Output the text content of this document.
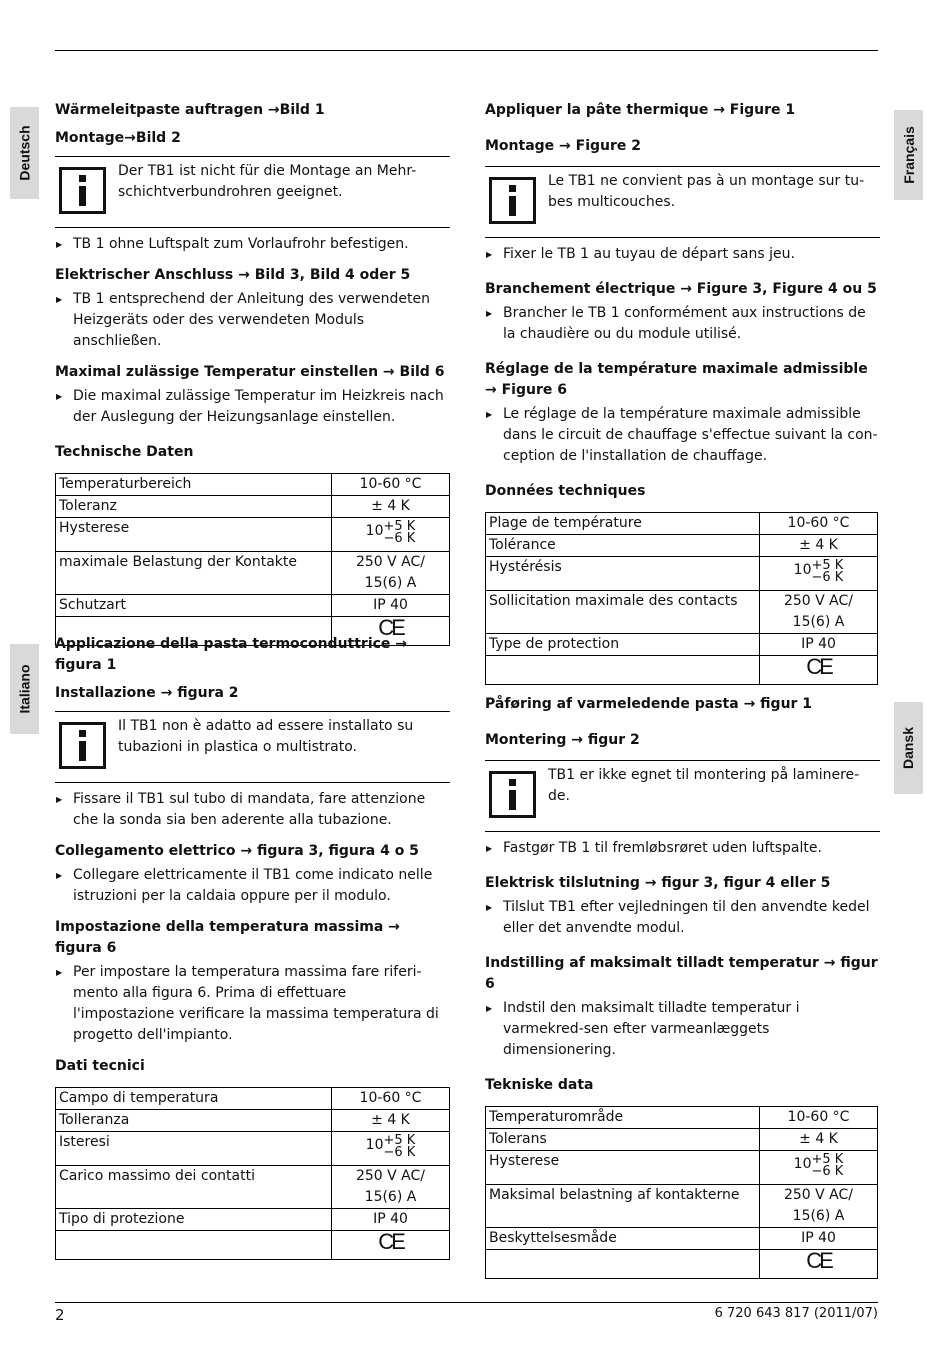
Deutsch
Italiano
Français
Dansk
Wärmeleitpaste auftragen →Bild 1
Montage→Bild 2
Der TB1 ist nicht für die Montage an Mehr-schichtverbundrohren geeignet.
▶ TB 1 ohne Luftspalt zum Vorlaufrohr befestigen.
Elektrischer Anschluss → Bild 3, Bild 4 oder 5
▶ TB 1 entsprechend der Anleitung des verwendeten Heizgeräts oder des verwendeten Moduls anschließen.
Maximal zulässige Temperatur einstellen → Bild 6
▶ Die maximal zulässige Temperatur im Heizkreis nach der Auslegung der Heizungsanlage einstellen.
Technische Daten
Temperaturbereich	10-60 °C
Toleranz	± 4 K
Hysterese	10 +5 K
−6 K

maximale Belastung der Kontakte	250 V AC/
15(6) A

Schutzart	IP 40
	CE
Applicazione della pasta termoconduttrice → figura 1
Installazione → figura 2
Il TB1 non è adatto ad essere installato su tubazioni in plastica o multistrato.
▶ Fissare il TB1 sul tubo di mandata, fare attenzione che la sonda sia ben aderente alla tubazione.
Collegamento elettrico → figura 3, figura 4 o 5
▶ Collegare elettricamente il TB1 come indicato nelle istruzioni per la caldaia oppure per il modulo.
Impostazione della temperatura massima → figura 6
▶ Per impostare la temperatura massima fare riferi-mento alla figura 6. Prima di effettuare l'impostazione verificare la massima temperatura di progetto dell'impianto.
Dati tecnici
Campo di temperatura	10-60 °C
Tolleranza	± 4 K
Isteresi	10 +5 K
−6 K

Carico massimo dei contatti	250 V AC/
15(6) A

Tipo di protezione	IP 40
	CE
Appliquer la pâte thermique → Figure 1
Montage → Figure 2
Le TB1 ne convient pas à un montage sur tu-bes multicouches.
▶ Fixer le TB 1 au tuyau de départ sans jeu.
Branchement électrique → Figure 3, Figure 4 ou 5
▶ Brancher le TB 1 conformément aux instructions de la chaudière ou du module utilisé.
Réglage de la température maximale admissible → Figure 6
▶ Le réglage de la température maximale admissible dans le circuit de chauffage s'effectue suivant la con-ception de l'installation de chauffage.
Données techniques
Plage de température	10-60 °C
Tolérance	± 4 K
Hystérésis	10 +5 K
−6 K

Sollicitation maximale des contacts	250 V AC/
15(6) A

Type de protection	IP 40
	CE
Påføring af varmeledende pasta → figur 1
Montering → figur 2
TB1 er ikke egnet til montering på laminere-de.
▶ Fastgør TB 1 til fremløbsrøret uden luftspalte.
Elektrisk tilslutning → figur 3, figur 4 eller 5
▶ Tilslut TB1 efter vejledningen til den anvendte kedel eller det anvendte modul.
Indstilling af maksimalt tilladt temperatur → figur 6
▶ Indstil den maksimalt tilladte temperatur i varmekred-sen efter varmeanlæggets dimensionering.
Tekniske data
Temperaturområde	10-60 °C
Tolerans	± 4 K
Hysterese	10 +5 K
−6 K

Maksimal belastning af kontakterne	250 V AC/
15(6) A

Beskyttelsesmåde	IP 40
	CE
2	6 720 643 817 (2011/07)
